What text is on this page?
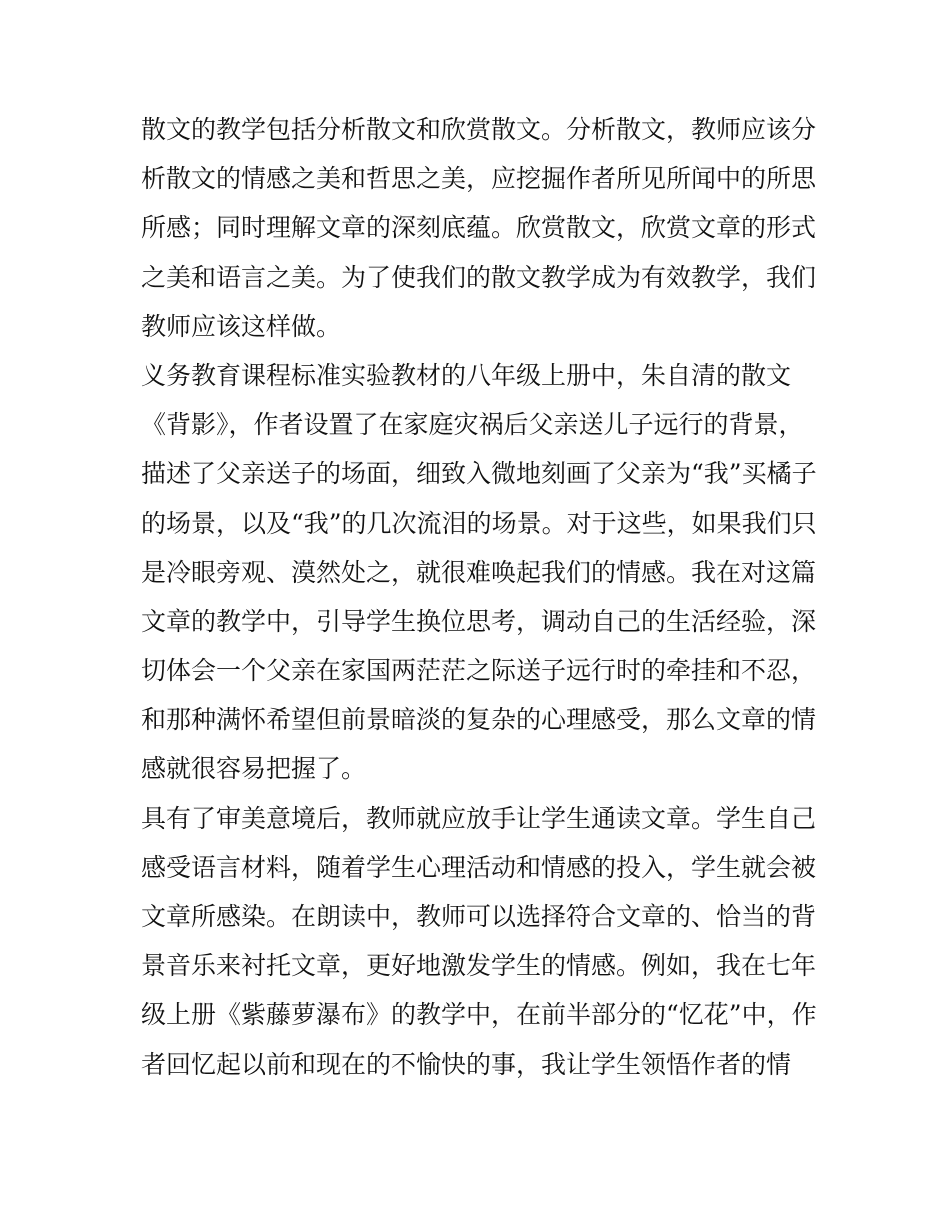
散文的教学包括分析散文和欣赏散文。分析散文，教师应该分
析散文的情感之美和哲思之美，应挖掘作者所见所闻中的所思
所感；同时理解文章的深刻底蕴。欣赏散文，欣赏文章的形式
之美和语言之美。为了使我们的散文教学成为有效教学，我们
教师应该这样做。
义务教育课程标准实验教材的八年级上册中，朱自清的散文
《背影》，作者设置了在家庭灾祸后父亲送儿子远行的背景，
描述了父亲送子的场面，细致入微地刻画了父亲为“我”买橘子
的场景，以及“我”的几次流泪的场景。对于这些，如果我们只
是冷眼旁观、漠然处之，就很难唤起我们的情感。我在对这篇
文章的教学中，引导学生换位思考，调动自己的生活经验，深
切体会一个父亲在家国两茫茫之际送子远行时的牵挂和不忍，
和那种满怀希望但前景暗淡的复杂的心理感受，那么文章的情
感就很容易把握了。
具有了审美意境后，教师就应放手让学生通读文章。学生自己
感受语言材料，随着学生心理活动和情感的投入，学生就会被
文章所感染。在朗读中，教师可以选择符合文章的、恰当的背
景音乐来衬托文章，更好地激发学生的情感。例如，我在七年
级上册《紫藤萝瀑布》的教学中，在前半部分的“忆花”中，作
者回忆起以前和现在的不愉快的事，我让学生领悟作者的情
